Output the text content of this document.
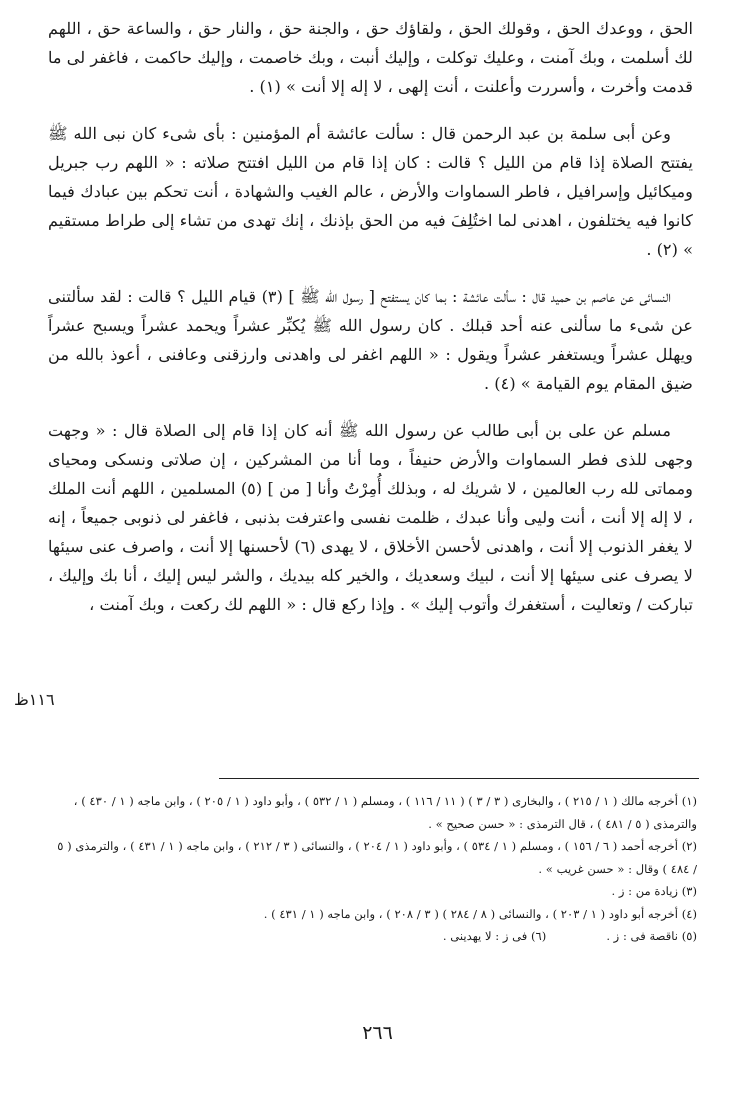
الحق ، ووعدك الحق ، وقولك الحق ، ولقاؤك حق ، والجنة حق ، والنار حق ، والساعة حق ، اللهم لك أسلمت ، وبك آمنت ، وعليك توكلت ، وإليك أنبت ، وبك خاصمت ، وإليك حاكمت ، فاغفر لى ما قدمت وأخرت ، وأسررت وأعلنت ، أنت إلهى ، لا إله إلا أنت » (١) .

وعن أبى سلمة بن عبد الرحمن قال : سألت عائشة أم المؤمنين : بأى شىء كان نبى الله ﷺ يفتتح الصلاة إذا قام من الليل ؟ قالت : كان إذا قام من الليل افتتح صلاته : « اللهم رب جبريل وميكائيل وإسرافيل ، فاطر السماوات والأرض ، عالم الغيب والشهادة ، أنت تحكم بين عبادك فيما كانوا فيه يختلفون ، اهدنى لما اختُلِفَ فيه من الحق بإذنك ، إنك تهدى من تشاء إلى طراط مستقيم » (٢) .

النسائى عن عاصم بن حميد قال : سألت عائشة : بما كان يستفتح [ رسول الله ﷺ ] (٣) قيام الليل ؟ قالت : لقد سألتنى عن شىء ما سألنى عنه أحد قبلك . كان رسول الله ﷺ يُكبِّر عشراً ويحمد عشراً ويسبح عشراً ويهلل عشراً ويستغفر عشراً ويقول : « اللهم اغفر لى واهدنى وارزقنى وعافنى ، أعوذ بالله من ضيق المقام يوم القيامة » (٤) .

مسلم عن على بن أبى طالب عن رسول الله ﷺ أنه كان إذا قام إلى الصلاة قال : « وجهت وجهى للذى فطر السماوات والأرض حنيفاً ، وما أنا من المشركين ، إن صلاتى ونسكى ومحياى ومماتى لله رب العالمين ، لا شريك له ، وبذلك أُمِرْتُ وأنا [ من ] (٥) المسلمين ، اللهم أنت الملك ، لا إله إلا أنت ، أنت وليى وأنا عبدك ، ظلمت نفسى واعترفت بذنبى ، فاغفر لى ذنوبى جميعاً ، إنه لا يغفر الذنوب إلا أنت ، واهدنى لأحسن الأخلاق ، لا يهدى (٦) لأحسنها إلا أنت ، واصرف عنى سيئها لا يصرف عنى سيئها إلا أنت ، لبيك وسعديك ، والخير كله بيديك ، والشر ليس إليك ، أنا بك وإليك ، تباركت / وتعاليت ، أستغفرك وأتوب إليك » . وإذا ركع قال : « اللهم لك ركعت ، وبك آمنت ،

١١٦ظ

(١) أخرجه مالك ( ١ / ٢١٥ ) ، والبخارى ( ٣ / ٣ ) ( ١١ / ١١٦ ) ، ومسلم ( ١ / ٥٣٢ ) ، وأبو داود ( ١ / ٢٠٥ ) ، وابن ماجه ( ١ / ٤٣٠ ) ، والترمذى ( ٥ / ٤٨١ ) ، قال الترمذى : « حسن صحيح » .

(٢) أخرجه أحمد ( ٦ / ١٥٦ ) ، ومسلم ( ١ / ٥٣٤ ) ، وأبو داود ( ١ / ٢٠٤ ) ، والنسائى ( ٣ / ٢١٢ ) ، وابن ماجه ( ١ / ٤٣١ ) ، والترمذى ( ٥ / ٤٨٤ ) وقال : « حسن غريب » .

(٣) زيادة من : ز .

(٤) أخرجه أبو داود ( ١ / ٢٠٣ ) ، والنسائى ( ٨ / ٢٨٤ ) ( ٣ / ٢٠٨ ) ، وابن ماجه ( ١ / ٤٣١ ) .

(٥) ناقصة فى : ز .

(٦) فى ز : لا يهدينى .

٢٦٦
